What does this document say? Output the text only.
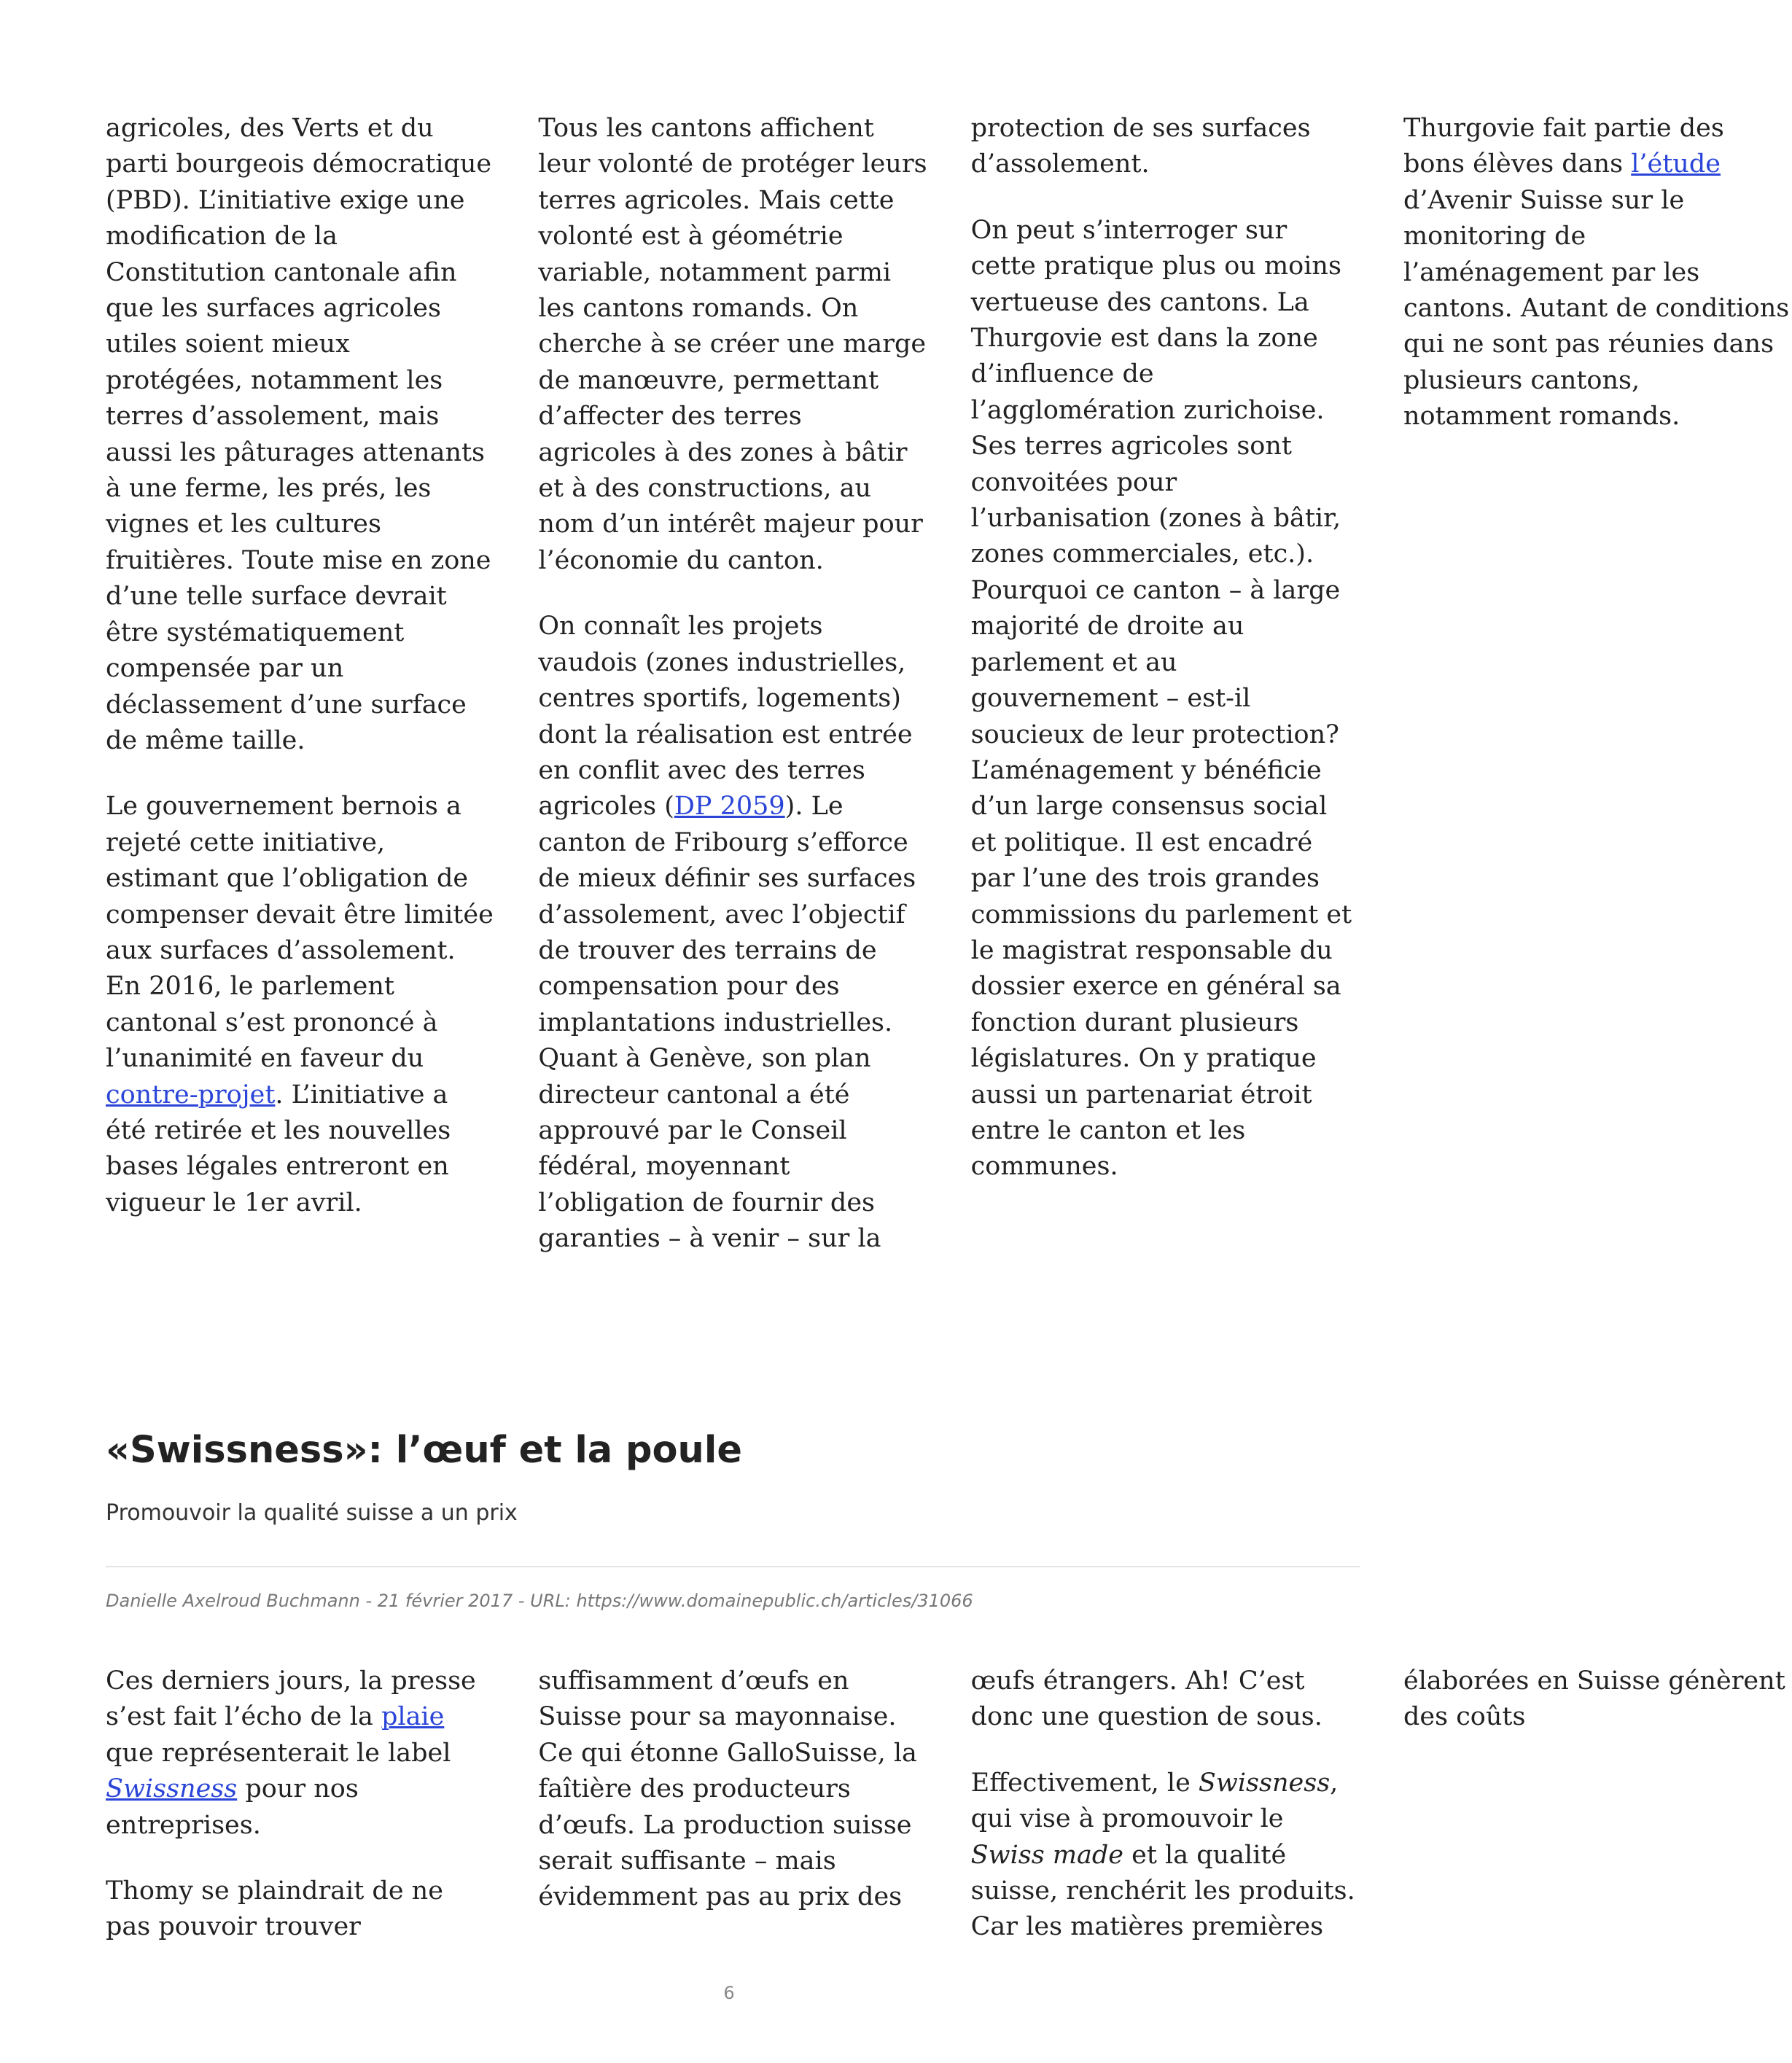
agricoles, des Verts et du parti bourgeois démocratique (PBD). L’initiative exige une modification de la Constitution cantonale afin que les surfaces agricoles utiles soient mieux protégées, notamment les terres d’assolement, mais aussi les pâturages attenants à une ferme, les prés, les vignes et les cultures fruitières. Toute mise en zone d’une telle surface devrait être systématiquement compensée par un déclassement d’une surface de même taille.

Le gouvernement bernois a rejeté cette initiative, estimant que l’obligation de compenser devait être limitée aux surfaces d’assolement. En 2016, le parlement cantonal s’est prononcé à l’unanimité en faveur du contre-projet. L’initiative a été retirée et les nouvelles bases légales entreront en vigueur le 1er avril.

Tous les cantons affichent leur volonté de protéger leurs terres agricoles. Mais cette volonté est à géométrie variable, notamment parmi les cantons romands. On cherche à se créer une marge de manœuvre, permettant d’affecter des terres agricoles à des zones à bâtir et à des constructions, au nom d’un intérêt majeur pour l’économie du canton.

On connaît les projets vaudois (zones industrielles, centres sportifs, logements) dont la réalisation est entrée en conflit avec des terres agricoles (DP 2059). Le canton de Fribourg s’efforce de mieux définir ses surfaces d’assolement, avec l’objectif de trouver des terrains de compensation pour des implantations industrielles. Quant à Genève, son plan directeur cantonal a été approuvé par le Conseil fédéral, moyennant l’obligation de fournir des garanties – à venir – sur la protection de ses surfaces d’assolement.

On peut s’interroger sur cette pratique plus ou moins vertueuse des cantons. La Thurgovie est dans la zone d’influence de l’agglomération zurichoise. Ses terres agricoles sont convoitées pour l’urbanisation (zones à bâtir, zones commerciales, etc.). Pourquoi ce canton – à large majorité de droite au parlement et au gouvernement – est-il soucieux de leur protection? L’aménagement y bénéficie d’un large consensus social et politique. Il est encadré par l’une des trois grandes commissions du parlement et le magistrat responsable du dossier exerce en général sa fonction durant plusieurs législatures. On y pratique aussi un partenariat étroit entre le canton et les communes.

Thurgovie fait partie des bons élèves dans l’étude d’Avenir Suisse sur le monitoring de l’aménagement par les cantons. Autant de conditions qui ne sont pas réunies dans plusieurs cantons, notamment romands.

«Swissness»: l’œuf et la poule

Promouvoir la qualité suisse a un prix

Danielle Axelroud Buchmann - 21 février 2017 - URL: https://www.domainepublic.ch/articles/31066

Ces derniers jours, la presse s’est fait l’écho de la plaie que représenterait le label Swissness pour nos entreprises.

Thomy se plaindrait de ne pas pouvoir trouver suffisamment d’œufs en Suisse pour sa mayonnaise. Ce qui étonne GalloSuisse, la faîtière des producteurs d’œufs. La production suisse serait suffisante – mais évidemment pas au prix des œufs étrangers. Ah! C’est donc une question de sous.

Effectivement, le Swissness, qui vise à promouvoir le Swiss made et la qualité suisse, renchérit les produits. Car les matières premières élaborées en Suisse génèrent des coûts

6
